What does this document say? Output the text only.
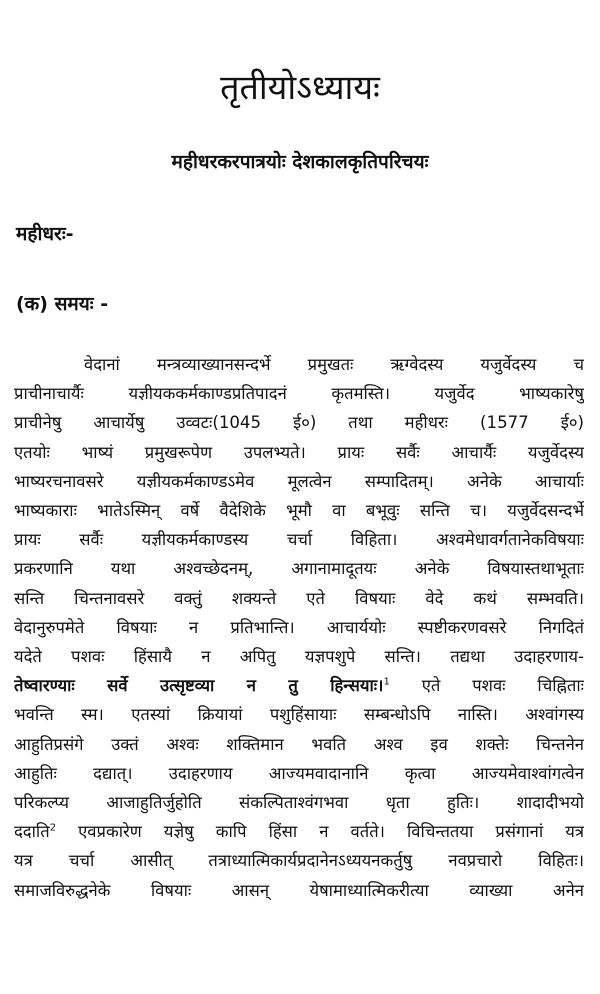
तृतीयोऽध्यायः
महीधरकरपात्रयोः देशकालकृतिपरिचयः
महीधरः-
(क) समयः -
वेदानां मन्त्रव्याख्यानसन्दर्भे प्रमुखतः ऋग्वेदस्य यजुर्वेदस्य च
प्राचीनाचार्यैः यज्ञीयककर्मकाण्डप्रतिपादनं कृतमस्ति। यजुर्वेद भाष्यकारेषु
प्राचीनेषु आचार्येषु उव्वटः(1045 ई०) तथा महीधरः (1577 ई०)
एतयोः भाष्यं प्रमुखरूपेण उपलभ्यते। प्रायः सर्वैः आचार्यैः यजुर्वेदस्य
भाष्यरचनावसरे यज्ञीयकर्मकाण्डऽमेव मूलत्वेन सम्पादितम्। अनेके आचार्याः
भाष्यकाराः भातेऽस्मिन् वर्षे वैदेशिके भूमौ वा बभूवुः सन्ति च। यजुर्वेदसन्दर्भे
प्रायः सर्वैः यज्ञीयकर्मकाण्डस्य चर्चा विहिता। अश्वमेधावर्गतानेकविषयाः
प्रकरणानि यथा अश्वच्छेदनम्, अगानामादूतयः अनेके विषयास्तथाभूताः
सन्ति चिन्तनावसरे वक्तुं शक्यन्ते एते विषयाः वेदे कथं सम्भवति।
वेदानुरुपमेते विषयाः न प्रतिभान्ति। आचार्ययोः स्पष्टीकरणवसरे निगदितं
यदेते पशवः हिंसायै न अपितु यज्ञपशुपे सन्ति। तद्यथा उदाहरणाय-
तेष्वारण्याः सर्वे उत्सृष्टव्या न तु हिन्सयाः।$^1$ एते पशवः चिह्निताः
भवन्ति स्म। एतस्यां क्रियायां पशुहिंसायाः सम्बन्धोऽपि नास्ति। अश्वांगस्य
आहुतिप्रसंगे उक्तं अश्वः शक्तिमान भवति अश्व इव शक्तेः चिन्तनेन
आहुतिः दद्यात्। उदाहरणाय आज्यमवादानानि कृत्वा आज्यमेवाश्वांगत्वेन
परिकल्प्य आजाहुतिर्जुहोति संकल्पिताश्वंगभवा धृता हुतिः। शादादीभयो
ददाति$^2$ एवप्रकारेण यज्ञेषु कापि हिंसा न वर्तते। विचिन्ततया प्रसंगानां यत्र
यत्र चर्चा आसीत् तत्राध्यात्मिकार्यप्रदानेनऽध्ययनकर्तुषु नवप्रचारो विहितः।
समाजविरुद्धनेके विषयाः आसन् येषामाध्यात्मिकरीत्या व्याख्या अनेन
